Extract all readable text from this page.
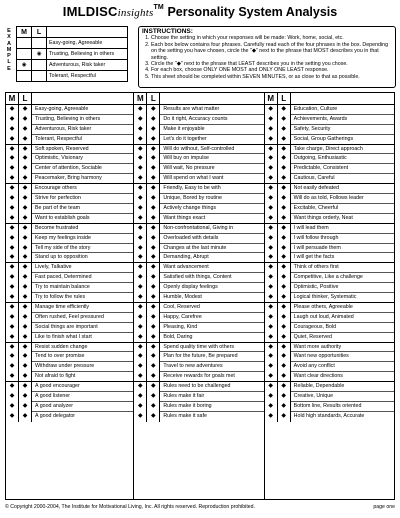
IMLDISCinsights™ Personality System Analysis
E
X
A
M
P
L
E
M	L	
		Easy-going, Agreeable
	◉	Trusting, Believing in others
◉		Adventurous, Risk taker
		Tolerant, Respectful
INSTRUCTIONS:
1. Choose the setting in which your responses will be made: Work, home, social, etc.
2. Each box below contains four phrases. Carefully read each of the four phrases in the box. Depending on the setting you have chosen, circle the "◆" next to the phrase that MOST describes you in that setting.
3. Circle the "◆" next to the phrase that LEAST describes you in the setting you chose.
4. For each box, choose ONLY ONE MOST and ONLY ONE LEAST response.
5. This sheet should be completed within SEVEN MINUTES, or as close to that as possible.
M L
◆	◆	Easy-going, Agreeable
◆	◆	Trusting, Believing in others
◆	◆	Adventurous, Risk taker
◆	◆	Tolerant, Respectful
◆	◆	Soft spoken, Reserved
◆	◆	Optimistic, Visionary
◆	◆	Center of attention, Sociable
◆	◆	Peacemaker, Bring harmony
◆	◆	Encourage others
◆	◆	Strive for perfection
◆	◆	Be part of the team
◆	◆	Want to establish goals
◆	◆	Become frustrated
◆	◆	Keep my feelings inside
◆	◆	Tell my side of the story
◆	◆	Stand up to opposition
◆	◆	Lively, Talkative
◆	◆	Fast paced, Determined
◆	◆	Try to maintain balance
◆	◆	Try to follow the rules
◆	◆	Manage time efficiently
◆	◆	Often rushed, Feel pressured
◆	◆	Social things are important
◆	◆	Like to finish what I start
◆	◆	Resist sudden change
◆	◆	Tend to over promise
◆	◆	Withdraw under pressure
◆	◆	Not afraid to fight
◆	◆	A good encourager
◆	◆	A good listener
◆	◆	A good analyzer
◆	◆	A good delegator
M L
◆	◆	Results are what matter
◆	◆	Do it right, Accuracy counts
◆	◆	Make it enjoyable
◆	◆	Let's do it together
◆	◆	Will do without, Self-controlled
◆	◆	Will buy on impulse
◆	◆	Will wait, No pressure
◆	◆	Will spend on what I want
◆	◆	Friendly, Easy to be with
◆	◆	Unique, Bored by routine
◆	◆	Actively change things
◆	◆	Want things exact
◆	◆	Non-confrontational, Giving in
◆	◆	Overloaded with details
◆	◆	Changes at the last minute
◆	◆	Demanding, Abrupt
◆	◆	Want advancement
◆	◆	Satisfied with things, Content
◆	◆	Openly display feelings
◆	◆	Humble, Modest
◆	◆	Cool, Reserved
◆	◆	Happy, Carefree
◆	◆	Pleasing, Kind
◆	◆	Bold, Daring
◆	◆	Spend quality time with others
◆	◆	Plan for the future, Be prepared
◆	◆	Travel to new adventures
◆	◆	Receive rewards for goals met
◆	◆	Rules need to be challenged
◆	◆	Rules make it fair
◆	◆	Rules make it boring
◆	◆	Rules make it safe
M L
◆	◆	Education, Culture
◆	◆	Achievements, Awards
◆	◆	Safety, Security
◆	◆	Social, Group Gatherings
◆	◆	Take charge, Direct approach
◆	◆	Outgoing, Enthusiastic
◆	◆	Predictable, Consistent
◆	◆	Cautious, Careful
◆	◆	Not easily defeated
◆	◆	Will do as told, Follows leader
◆	◆	Excitable, Cheerful
◆	◆	Want things orderly, Neat
◆	◆	I will lead them
◆	◆	I will follow through
◆	◆	I will persuade them
◆	◆	I will get the facts
◆	◆	Think of others first
◆	◆	Competitive, Like a challenge
◆	◆	Optimistic, Positive
◆	◆	Logical thinker, Systematic
◆	◆	Please others, Agreeable
◆	◆	Laugh out loud, Animated
◆	◆	Courageous, Bold
◆	◆	Quiet, Reserved
◆	◆	Want more authority
◆	◆	Want new opportunities
◆	◆	Avoid any conflict
◆	◆	Want clear directions
◆	◆	Reliable, Dependable
◆	◆	Creative, Unique
◆	◆	Bottom line, Results oriented
◆	◆	Hold high standards, Accurate
© Copyright 2000-2004, The Institute for Motivational Living, Inc. All rights reserved. Reproduction prohibited.	page one
